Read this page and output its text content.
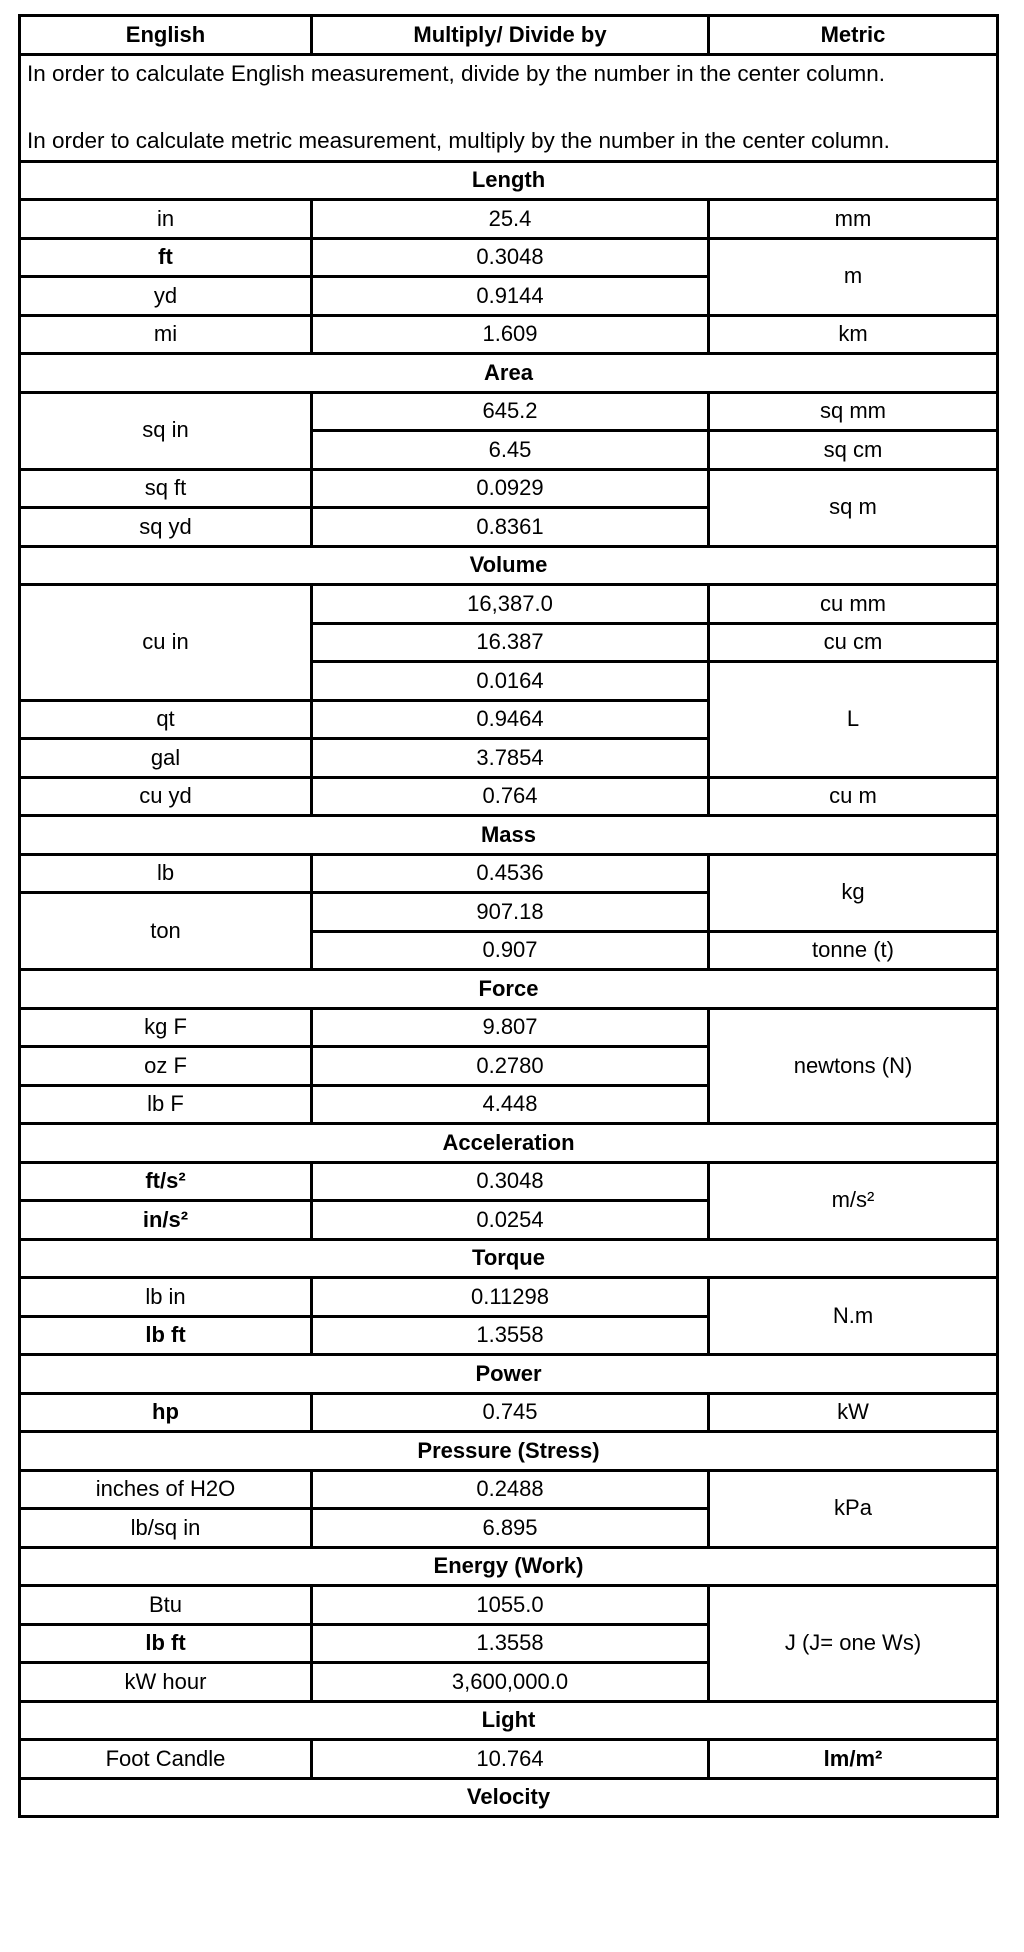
English	Multiply/ Divide by	Metric

In order to calculate English measurement, divide by the number in the center column.

In order to calculate metric measurement, multiply by the number in the center column.		

Length		
in	25.4	mm
ft	0.3048	m
yd	0.9144	
mi	1.609	km
Area		
sq in	645.2	sq mm
	6.45	sq cm
sq ft	0.0929	sq m
sq yd	0.8361	
Volume		
cu in	16,387.0	cu mm
	16.387	cu cm
	0.0164	L
qt	0.9464	
gal	3.7854	
cu yd	0.764	cu m
Mass		
lb	0.4536	kg
ton	907.18	
	0.907	tonne (t)
Force		
kg F	9.807	newtons (N)
oz F	0.2780	
lb F	4.448	
Acceleration		
ft/s²	0.3048	m/s²
in/s²	0.0254	
Torque		
lb in	0.11298	N.m
lb ft	1.3558	
Power		
hp	0.745	kW
Pressure (Stress)		
inches of H2O	0.2488	kPa
lb/sq in	6.895	
Energy (Work)		
Btu	1055.0	J (J= one Ws)
lb ft	1.3558	
kW hour	3,600,000.0	
Light		
Foot Candle	10.764	lm/m²
Velocity		
